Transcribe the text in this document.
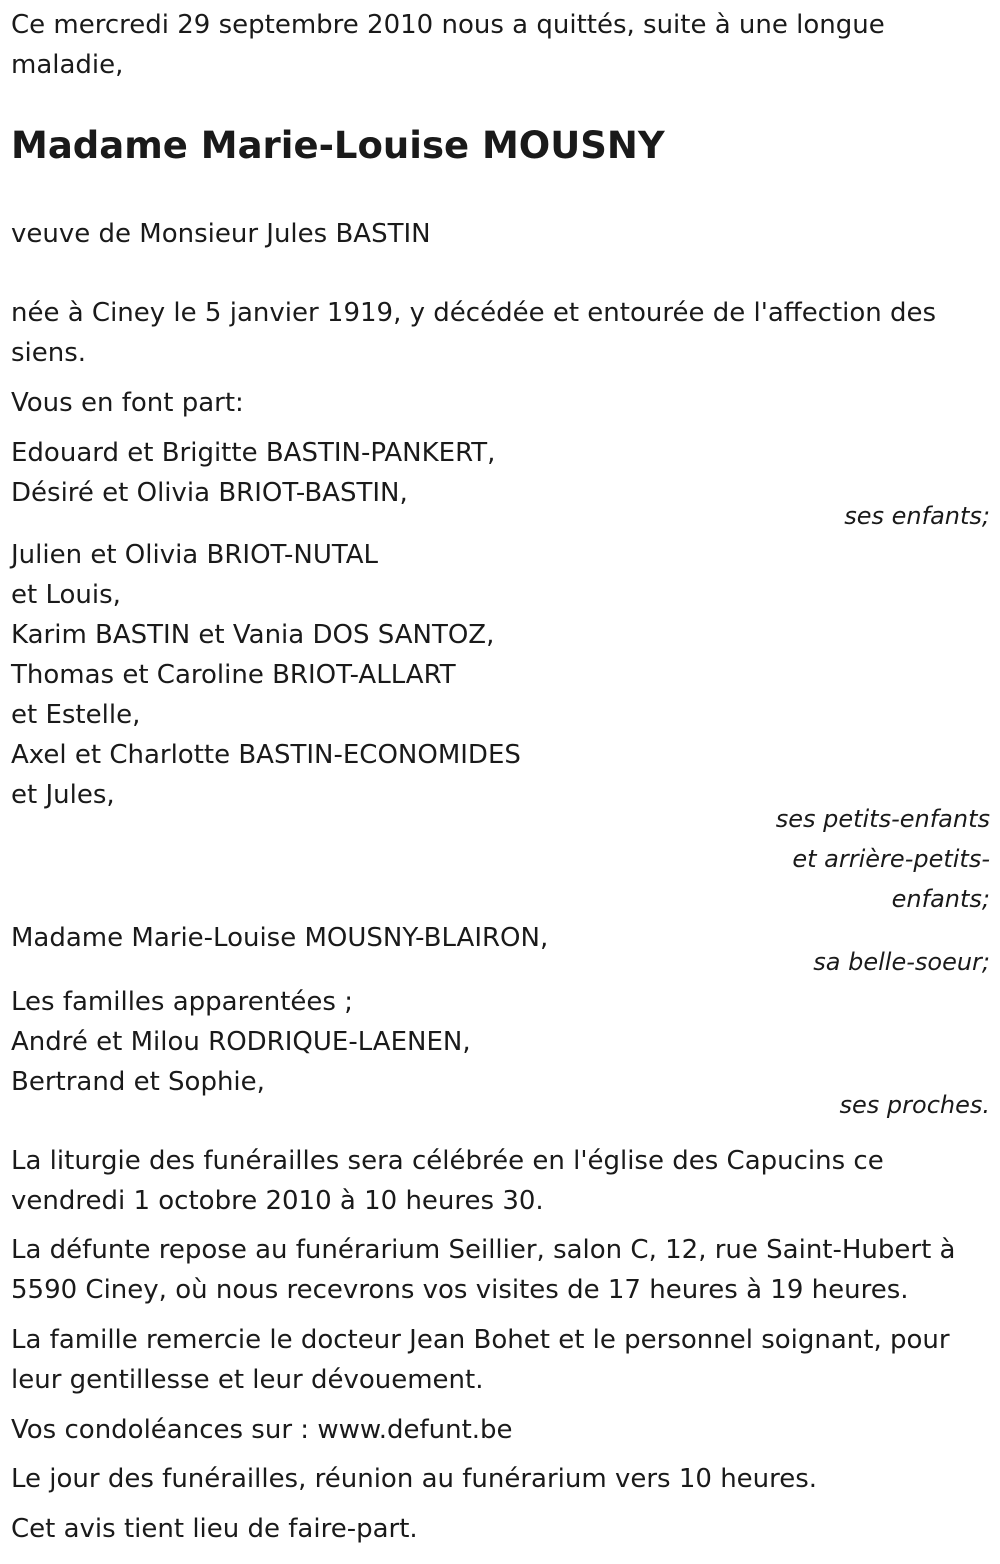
Ce mercredi 29 septembre 2010 nous a quittés, suite à une longue
maladie,

Madame Marie-Louise MOUSNY

veuve de Monsieur Jules BASTIN

née à Ciney le 5 janvier 1919, y décédée et entourée de l'affection des
siens.

Vous en font part:

Edouard et Brigitte BASTIN-PANKERT,
Désiré et Olivia BRIOT-BASTIN,

ses enfants;

Julien et Olivia BRIOT-NUTAL
et Louis,
Karim BASTIN et Vania DOS SANTOZ,
Thomas et Caroline BRIOT-ALLART
et Estelle,
Axel et Charlotte BASTIN-ECONOMIDES
et Jules,

ses petits-enfants
et arrière-petits-
enfants;

Madame Marie-Louise MOUSNY-BLAIRON,

sa belle-soeur;

Les familles apparentées ;
André et Milou RODRIQUE-LAENEN,
Bertrand et Sophie,

ses proches.

La liturgie des funérailles sera célébrée en l'église des Capucins ce
vendredi 1 octobre 2010 à 10 heures 30.

La défunte repose au funérarium Seillier, salon C, 12, rue Saint-Hubert à
5590 Ciney, où nous recevrons vos visites de 17 heures à 19 heures.

La famille remercie le docteur Jean Bohet et le personnel soignant, pour
leur gentillesse et leur dévouement.

Vos condoléances sur : www.defunt.be

Le jour des funérailles, réunion au funérarium vers 10 heures.

Cet avis tient lieu de faire-part.
